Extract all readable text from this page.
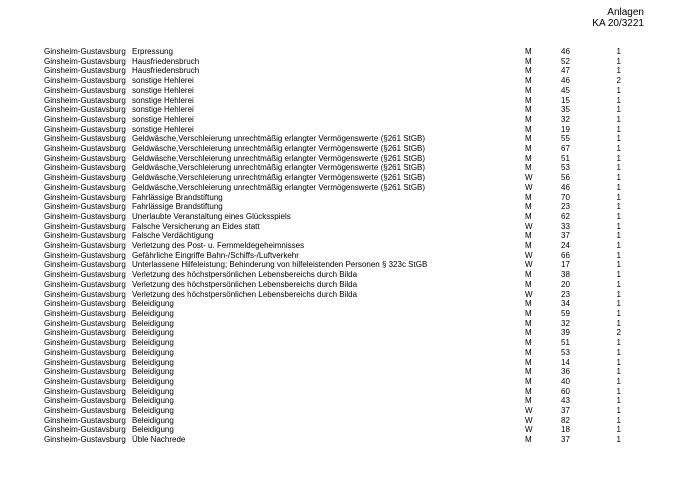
Anlagen
KA 20/3221
Ginsheim-Gustavsburg	Erpressung	M	46	1
Ginsheim-Gustavsburg	Hausfriedensbruch	M	52	1
Ginsheim-Gustavsburg	Hausfriedensbruch	M	47	1
Ginsheim-Gustavsburg	sonstige Hehlerei	M	46	2
Ginsheim-Gustavsburg	sonstige Hehlerei	M	45	1
Ginsheim-Gustavsburg	sonstige Hehlerei	M	15	1
Ginsheim-Gustavsburg	sonstige Hehlerei	M	35	1
Ginsheim-Gustavsburg	sonstige Hehlerei	M	32	1
Ginsheim-Gustavsburg	sonstige Hehlerei	M	19	1
Ginsheim-Gustavsburg	Geldwäsche,Verschleierung unrechtmäßig erlangter Vermögenswerte (§261 StGB)	M	55	1
Ginsheim-Gustavsburg	Geldwäsche,Verschleierung unrechtmäßig erlangter Vermögenswerte (§261 StGB)	M	67	1
Ginsheim-Gustavsburg	Geldwäsche,Verschleierung unrechtmäßig erlangter Vermögenswerte (§261 StGB)	M	51	1
Ginsheim-Gustavsburg	Geldwäsche,Verschleierung unrechtmäßig erlangter Vermögenswerte (§261 StGB)	M	53	1
Ginsheim-Gustavsburg	Geldwäsche,Verschleierung unrechtmäßig erlangter Vermögenswerte (§261 StGB)	W	56	1
Ginsheim-Gustavsburg	Geldwäsche,Verschleierung unrechtmäßig erlangter Vermögenswerte (§261 StGB)	W	46	1
Ginsheim-Gustavsburg	Fahrlässige Brandstiftung	M	70	1
Ginsheim-Gustavsburg	Fahrlässige Brandstiftung	M	23	1
Ginsheim-Gustavsburg	Unerlaubte Veranstaltung eines Glücksspiels	M	62	1
Ginsheim-Gustavsburg	Falsche Versicherung an Eides statt	W	33	1
Ginsheim-Gustavsburg	Falsche Verdächtigung	M	37	1
Ginsheim-Gustavsburg	Verletzung des Post- u. Fernmeldegeheimnisses	M	24	1
Ginsheim-Gustavsburg	Gefährliche Eingriffe Bahn-/Schiffs-/Luftverkehr	W	66	1
Ginsheim-Gustavsburg	Unterlassene Hilfeleistung; Behinderung von hilfeleistenden Personen § 323c StGB	W	17	1
Ginsheim-Gustavsburg	Verletzung des höchstpersönlichen Lebensbereichs durch Bilda	M	38	1
Ginsheim-Gustavsburg	Verletzung des höchstpersönlichen Lebensbereichs durch Bilda	M	20	1
Ginsheim-Gustavsburg	Verletzung des höchstpersönlichen Lebensbereichs durch Bilda	W	23	1
Ginsheim-Gustavsburg	Beleidigung	M	34	1
Ginsheim-Gustavsburg	Beleidigung	M	59	1
Ginsheim-Gustavsburg	Beleidigung	M	32	1
Ginsheim-Gustavsburg	Beleidigung	M	39	2
Ginsheim-Gustavsburg	Beleidigung	M	51	1
Ginsheim-Gustavsburg	Beleidigung	M	53	1
Ginsheim-Gustavsburg	Beleidigung	M	14	1
Ginsheim-Gustavsburg	Beleidigung	M	36	1
Ginsheim-Gustavsburg	Beleidigung	M	40	1
Ginsheim-Gustavsburg	Beleidigung	M	60	1
Ginsheim-Gustavsburg	Beleidigung	M	43	1
Ginsheim-Gustavsburg	Beleidigung	W	37	1
Ginsheim-Gustavsburg	Beleidigung	W	82	1
Ginsheim-Gustavsburg	Beleidigung	W	18	1
Ginsheim-Gustavsburg	Üble Nachrede	M	37	1
